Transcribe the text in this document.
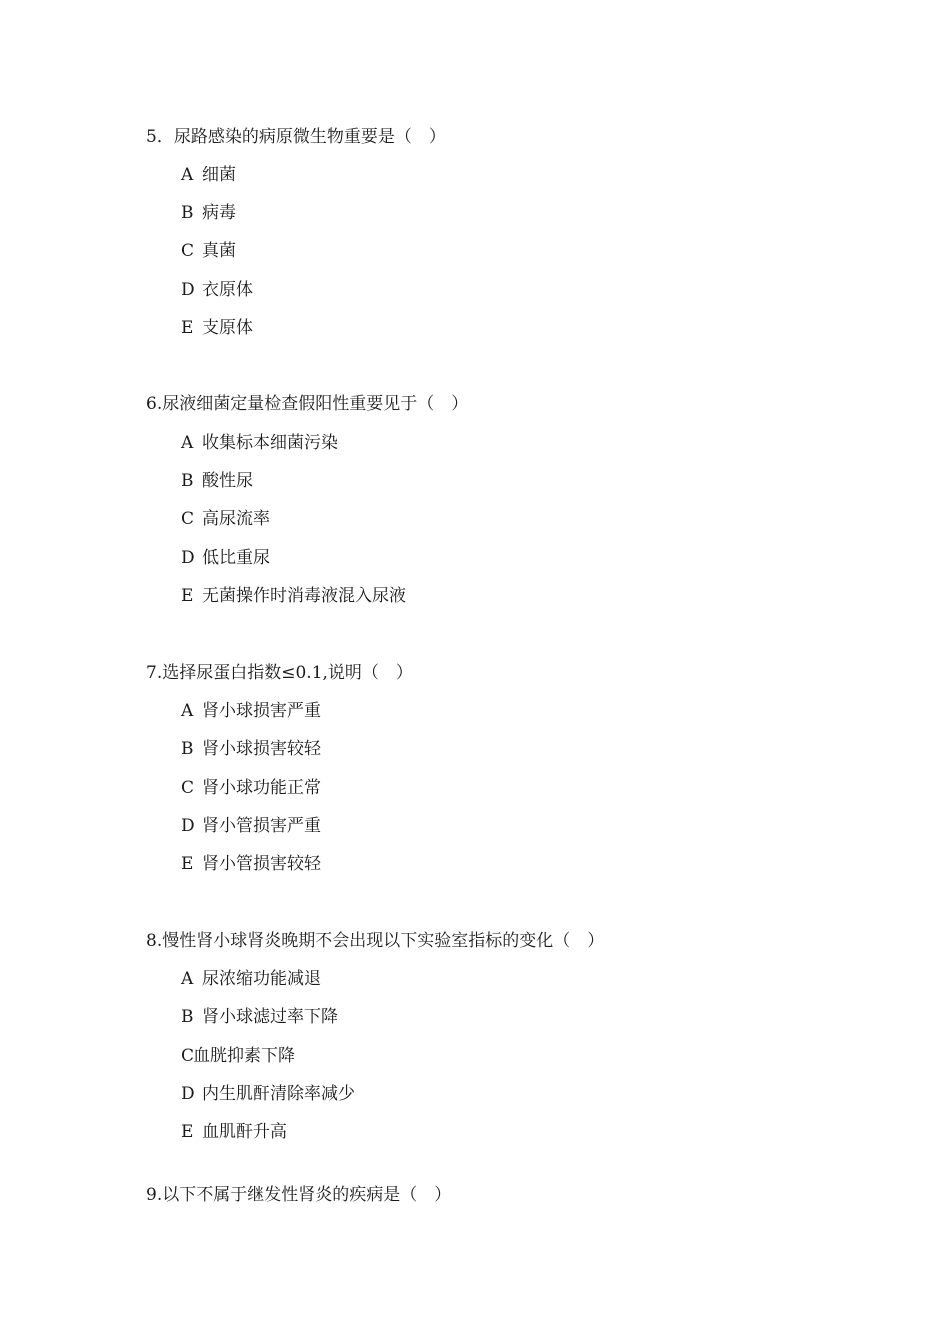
5．尿路感染的病原微生物重要是（　）
A 细菌
B 病毒
C 真菌
D 衣原体
E 支原体
6.尿液细菌定量检查假阳性重要见于（　）
A 收集标本细菌污染
B 酸性尿
C 高尿流率
D 低比重尿
E 无菌操作时消毒液混入尿液
7.选择尿蛋白指数≤0.1,说明（　）
A 肾小球损害严重
B 肾小球损害较轻
C 肾小球功能正常
D 肾小管损害严重
E 肾小管损害较轻
8.慢性肾小球肾炎晚期不会出现以下实验室指标的变化（　）
A 尿浓缩功能减退
B 肾小球滤过率下降
C血胱抑素下降
D 内生肌酐清除率减少
E 血肌酐升高
9.以下不属于继发性肾炎的疾病是（　）
